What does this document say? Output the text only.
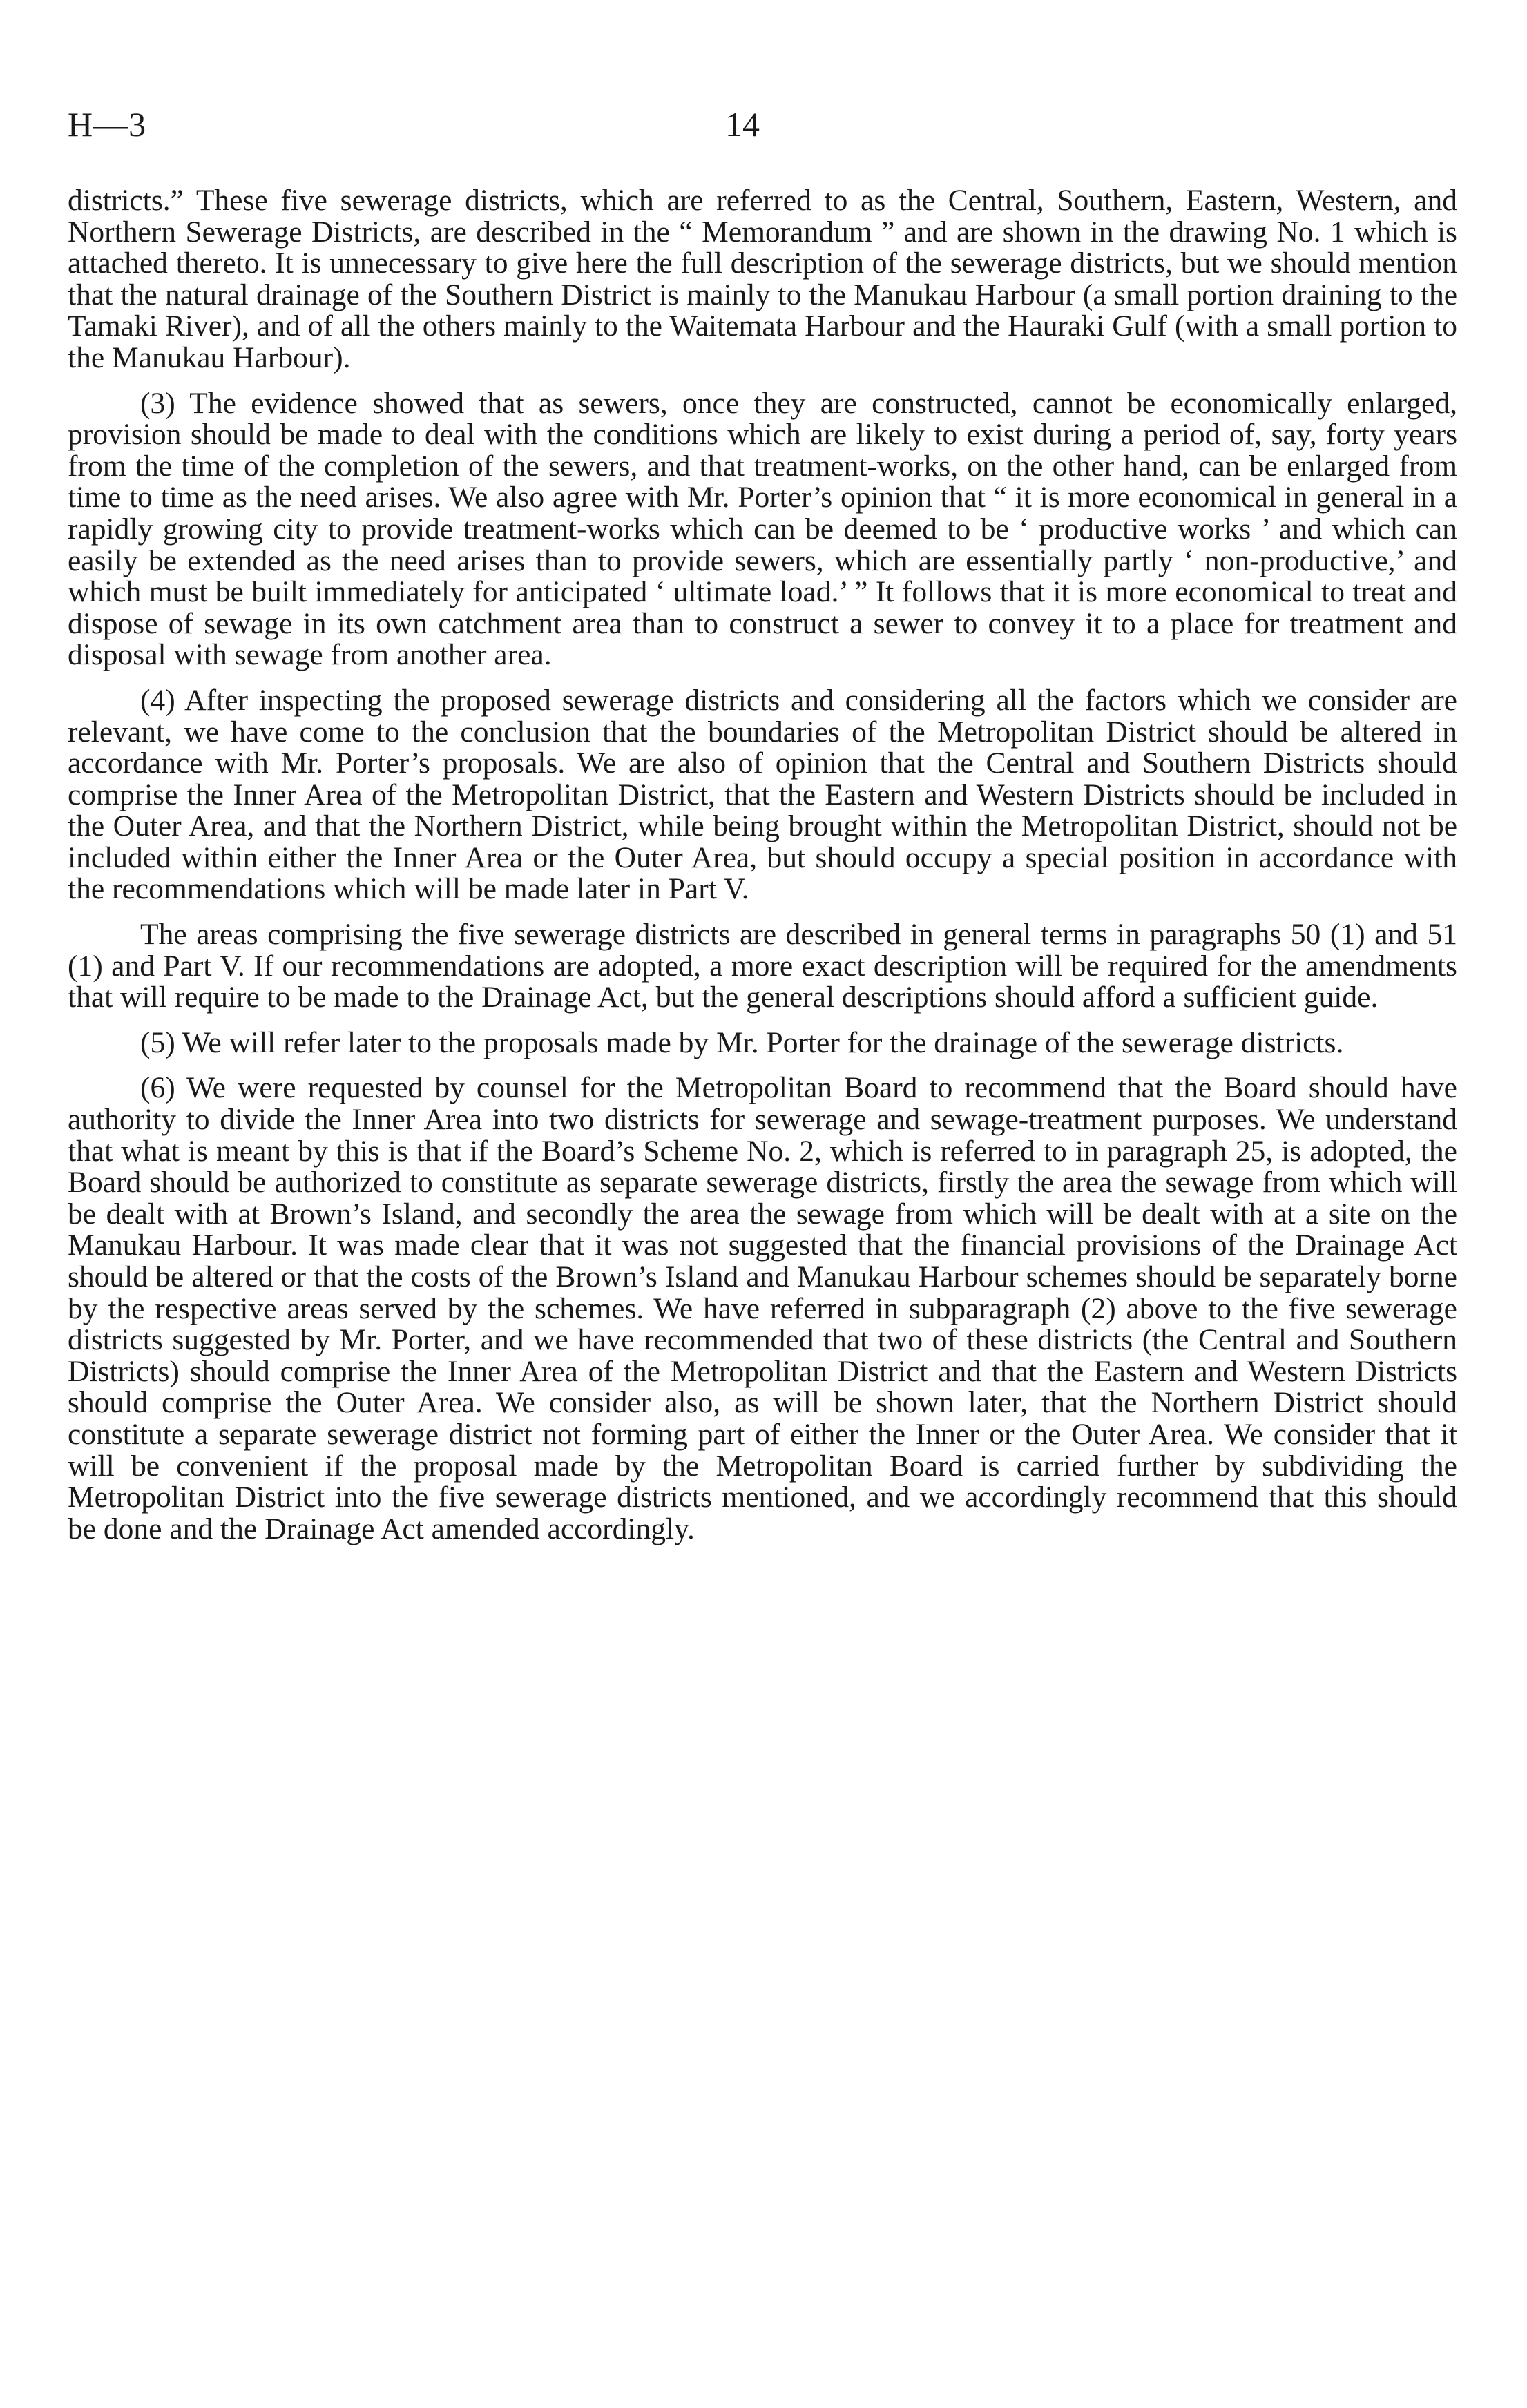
H—3	14

districts.” These five sewerage districts, which are referred to as the Central, Southern, Eastern, Western, and Northern Sewerage Districts, are described in the “ Memorandum ” and are shown in the drawing No. 1 which is attached thereto. It is unnecessary to give here the full description of the sewerage districts, but we should mention that the natural drainage of the Southern District is mainly to the Manukau Harbour (a small portion draining to the Tamaki River), and of all the others mainly to the Waitemata Harbour and the Hauraki Gulf (with a small portion to the Manukau Harbour).

(3) The evidence showed that as sewers, once they are constructed, cannot be economically enlarged, provision should be made to deal with the conditions which are likely to exist during a period of, say, forty years from the time of the completion of the sewers, and that treatment-works, on the other hand, can be enlarged from time to time as the need arises. We also agree with Mr. Porter’s opinion that “ it is more economical in general in a rapidly growing city to provide treatment-works which can be deemed to be ‘ productive works ’ and which can easily be extended as the need arises than to provide sewers, which are essentially partly ‘ non-productive,’ and which must be built immediately for anticipated ‘ ultimate load.’ ” It follows that it is more economical to treat and dispose of sewage in its own catchment area than to construct a sewer to convey it to a place for treatment and disposal with sewage from another area.

(4) After inspecting the proposed sewerage districts and considering all the factors which we consider are relevant, we have come to the conclusion that the boundaries of the Metropolitan District should be altered in accordance with Mr. Porter’s proposals. We are also of opinion that the Central and Southern Districts should comprise the Inner Area of the Metropolitan District, that the Eastern and Western Districts should be included in the Outer Area, and that the Northern District, while being brought within the Metropolitan District, should not be included within either the Inner Area or the Outer Area, but should occupy a special position in accordance with the recommendations which will be made later in Part V.

The areas comprising the five sewerage districts are described in general terms in paragraphs 50 (1) and 51 (1) and Part V. If our recommendations are adopted, a more exact description will be required for the amendments that will require to be made to the Drainage Act, but the general descriptions should afford a sufficient guide.

(5) We will refer later to the proposals made by Mr. Porter for the drainage of the sewerage districts.

(6) We were requested by counsel for the Metropolitan Board to recommend that the Board should have authority to divide the Inner Area into two districts for sewerage and sewage-treatment purposes. We understand that what is meant by this is that if the Board’s Scheme No. 2, which is referred to in paragraph 25, is adopted, the Board should be authorized to constitute as separate sewerage districts, firstly the area the sewage from which will be dealt with at Brown’s Island, and secondly the area the sewage from which will be dealt with at a site on the Manukau Harbour. It was made clear that it was not suggested that the financial provisions of the Drainage Act should be altered or that the costs of the Brown’s Island and Manukau Harbour schemes should be separately borne by the respective areas served by the schemes. We have referred in subparagraph (2) above to the five sewerage districts suggested by Mr. Porter, and we have recommended that two of these districts (the Central and Southern Districts) should comprise the Inner Area of the Metropolitan District and that the Eastern and Western Districts should comprise the Outer Area. We consider also, as will be shown later, that the Northern District should constitute a separate sewerage district not forming part of either the Inner or the Outer Area. We consider that it will be convenient if the proposal made by the Metropolitan Board is carried further by subdividing the Metropolitan District into the five sewerage districts mentioned, and we accordingly recommend that this should be done and the Drainage Act amended accordingly.
